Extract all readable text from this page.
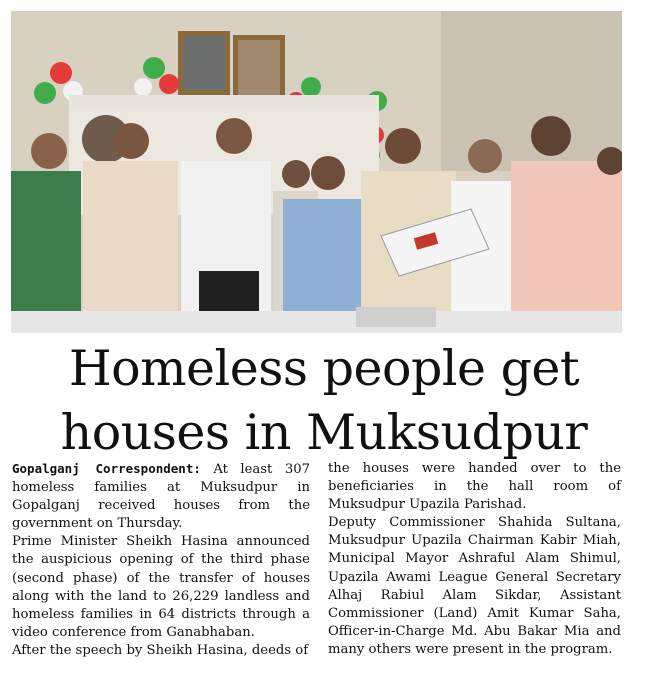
Homeless people get
houses in Muksudpur

Gopalganj Correspondent: At least 307 homeless families at Muksudpur in Gopalganj received houses from the government on Thursday.

Prime Minister Sheikh Hasina announced the auspicious opening of the third phase (second phase) of the transfer of houses along with the land to 26,229 landless and homeless families in 64 districts through a video conference from Ganabhaban.

After the speech by Sheikh Hasina, deeds of

the houses were handed over to the beneficiaries in the hall room of Muksudpur Upazila Parishad.

Deputy Commissioner Shahida Sultana, Muksudpur Upazila Chairman Kabir Miah, Municipal Mayor Ashraful Alam Shimul, Upazila Awami League General Secretary Alhaj Rabiul Alam Sikdar, Assistant Commissioner (Land) Amit Kumar Saha, Officer-in-Charge Md. Abu Bakar Mia and many others were present in the program.
